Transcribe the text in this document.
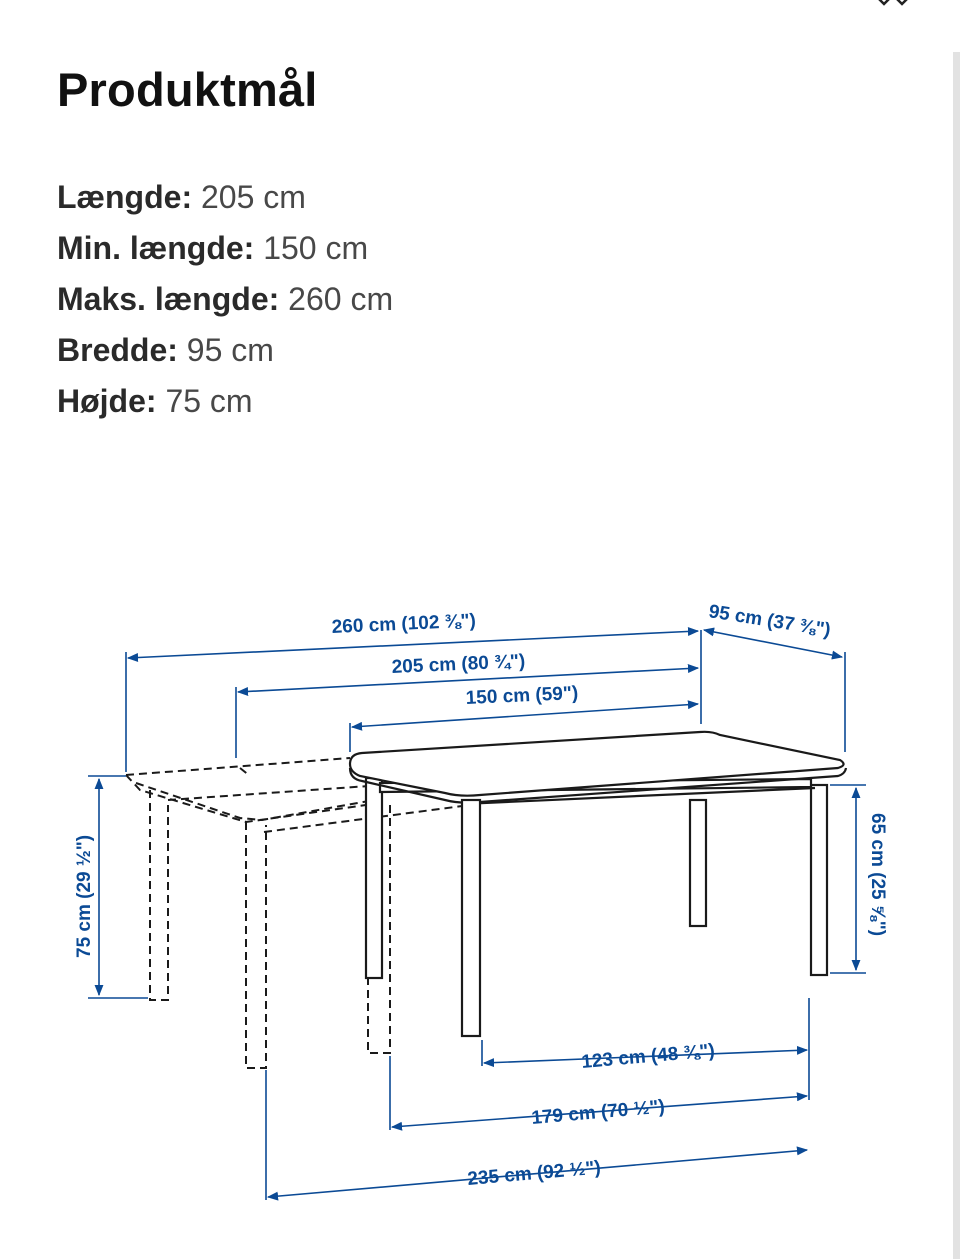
Produktmål
Længde: 205 cm
Min. længde: 150 cm
Maks. længde: 260 cm
Bredde: 95 cm
Højde: 75 cm
260 cm (102 ⅜")	95 cm (37 ⅜")
205 cm (80 ¾")
150 cm (59")
75 cm (29 ½")	65 cm (25 ⅝")
123 cm (48 ⅜")
179 cm (70 ½")
235 cm (92 ½")
